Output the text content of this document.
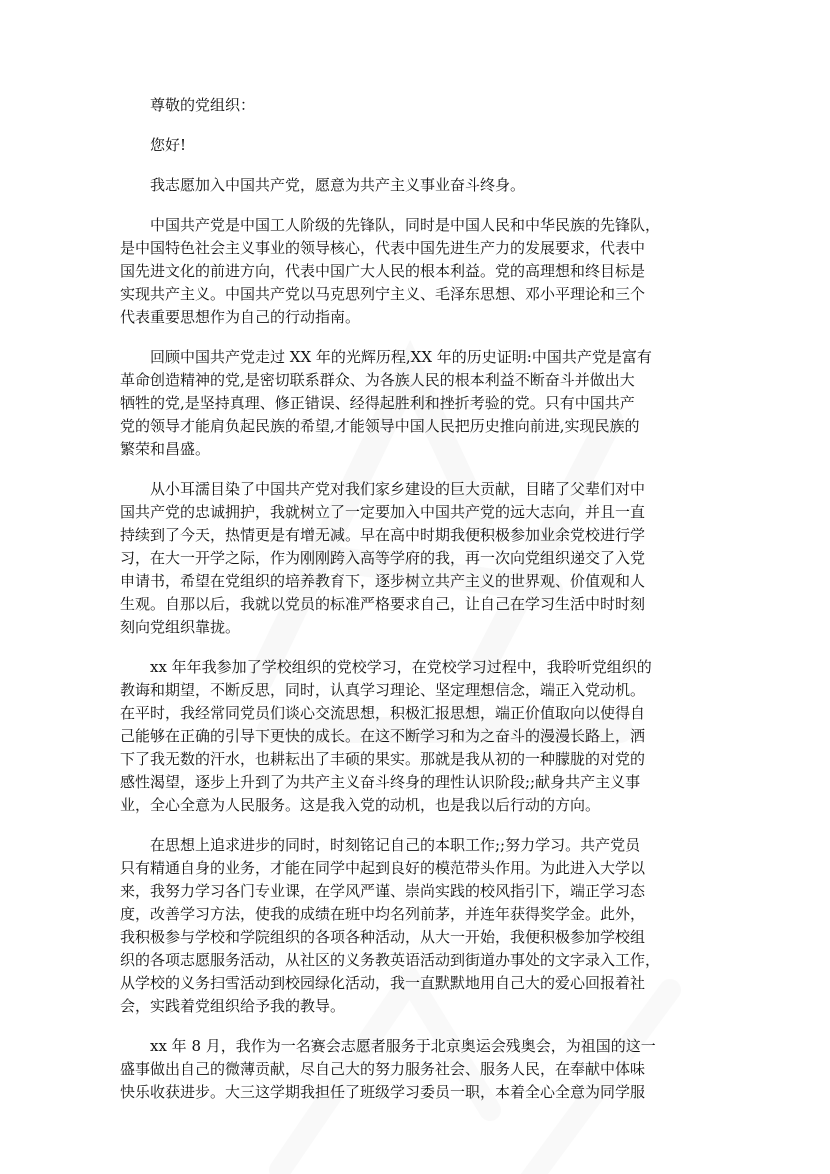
尊敬的党组织：

您好!

我志愿加入中国共产党，愿意为共产主义事业奋斗终身。

中国共产党是中国工人阶级的先锋队，同时是中国人民和中华民族的先锋队，

是中国特色社会主义事业的领导核心，代表中国先进生产力的发展要求，代表中

国先进文化的前进方向，代表中国广大人民的根本利益。党的高理想和终目标是

实现共产主义。中国共产党以马克思列宁主义、毛泽东思想、邓小平理论和三个

代表重要思想作为自己的行动指南。

回顾中国共产党走过 XX 年的光辉历程,XX 年的历史证明:中国共产党是富有

革命创造精神的党,是密切联系群众、为各族人民的根本利益不断奋斗并做出大

牺牲的党,是坚持真理、修正错误、经得起胜利和挫折考验的党。只有中国共产

党的领导才能肩负起民族的希望,才能领导中国人民把历史推向前进,实现民族的

繁荣和昌盛。

从小耳濡目染了中国共产党对我们家乡建设的巨大贡献，目睹了父辈们对中

国共产党的忠诚拥护，我就树立了一定要加入中国共产党的远大志向，并且一直

持续到了今天，热情更是有增无减。早在高中时期我便积极参加业余党校进行学

习，在大一开学之际，作为刚刚跨入高等学府的我，再一次向党组织递交了入党

申请书，希望在党组织的培养教育下，逐步树立共产主义的世界观、价值观和人

生观。自那以后，我就以党员的标准严格要求自己，让自己在学习生活中时时刻

刻向党组织靠拢。

xx 年年我参加了学校组织的党校学习，在党校学习过程中，我聆听党组织的

教诲和期望，不断反思，同时，认真学习理论、坚定理想信念，端正入党动机。

在平时，我经常同党员们谈心交流思想，积极汇报思想，端正价值取向以使得自

己能够在正确的引导下更快的成长。在这不断学习和为之奋斗的漫漫长路上，洒

下了我无数的汗水，也耕耘出了丰硕的果实。那就是我从初的一种朦胧的对党的

感性渴望，逐步上升到了为共产主义奋斗终身的理性认识阶段;;献身共产主义事

业，全心全意为人民服务。这是我入党的动机，也是我以后行动的方向。

在思想上追求进步的同时，时刻铭记自己的本职工作;;努力学习。共产党员

只有精通自身的业务，才能在同学中起到良好的模范带头作用。为此进入大学以

来，我努力学习各门专业课，在学风严谨、崇尚实践的校风指引下，端正学习态

度，改善学习方法，使我的成绩在班中均名列前茅，并连年获得奖学金。此外，

我积极参与学校和学院组织的各项各种活动，从大一开始，我便积极参加学校组

织的各项志愿服务活动，从社区的义务教英语活动到街道办事处的文字录入工作，

从学校的义务扫雪活动到校园绿化活动，我一直默默地用自己大的爱心回报着社

会，实践着党组织给予我的教导。

xx 年 8 月，我作为一名赛会志愿者服务于北京奥运会残奥会，为祖国的这一

盛事做出自己的微薄贡献，尽自己大的努力服务社会、服务人民，在奉献中体味

快乐收获进步。大三这学期我担任了班级学习委员一职，本着全心全意为同学服
